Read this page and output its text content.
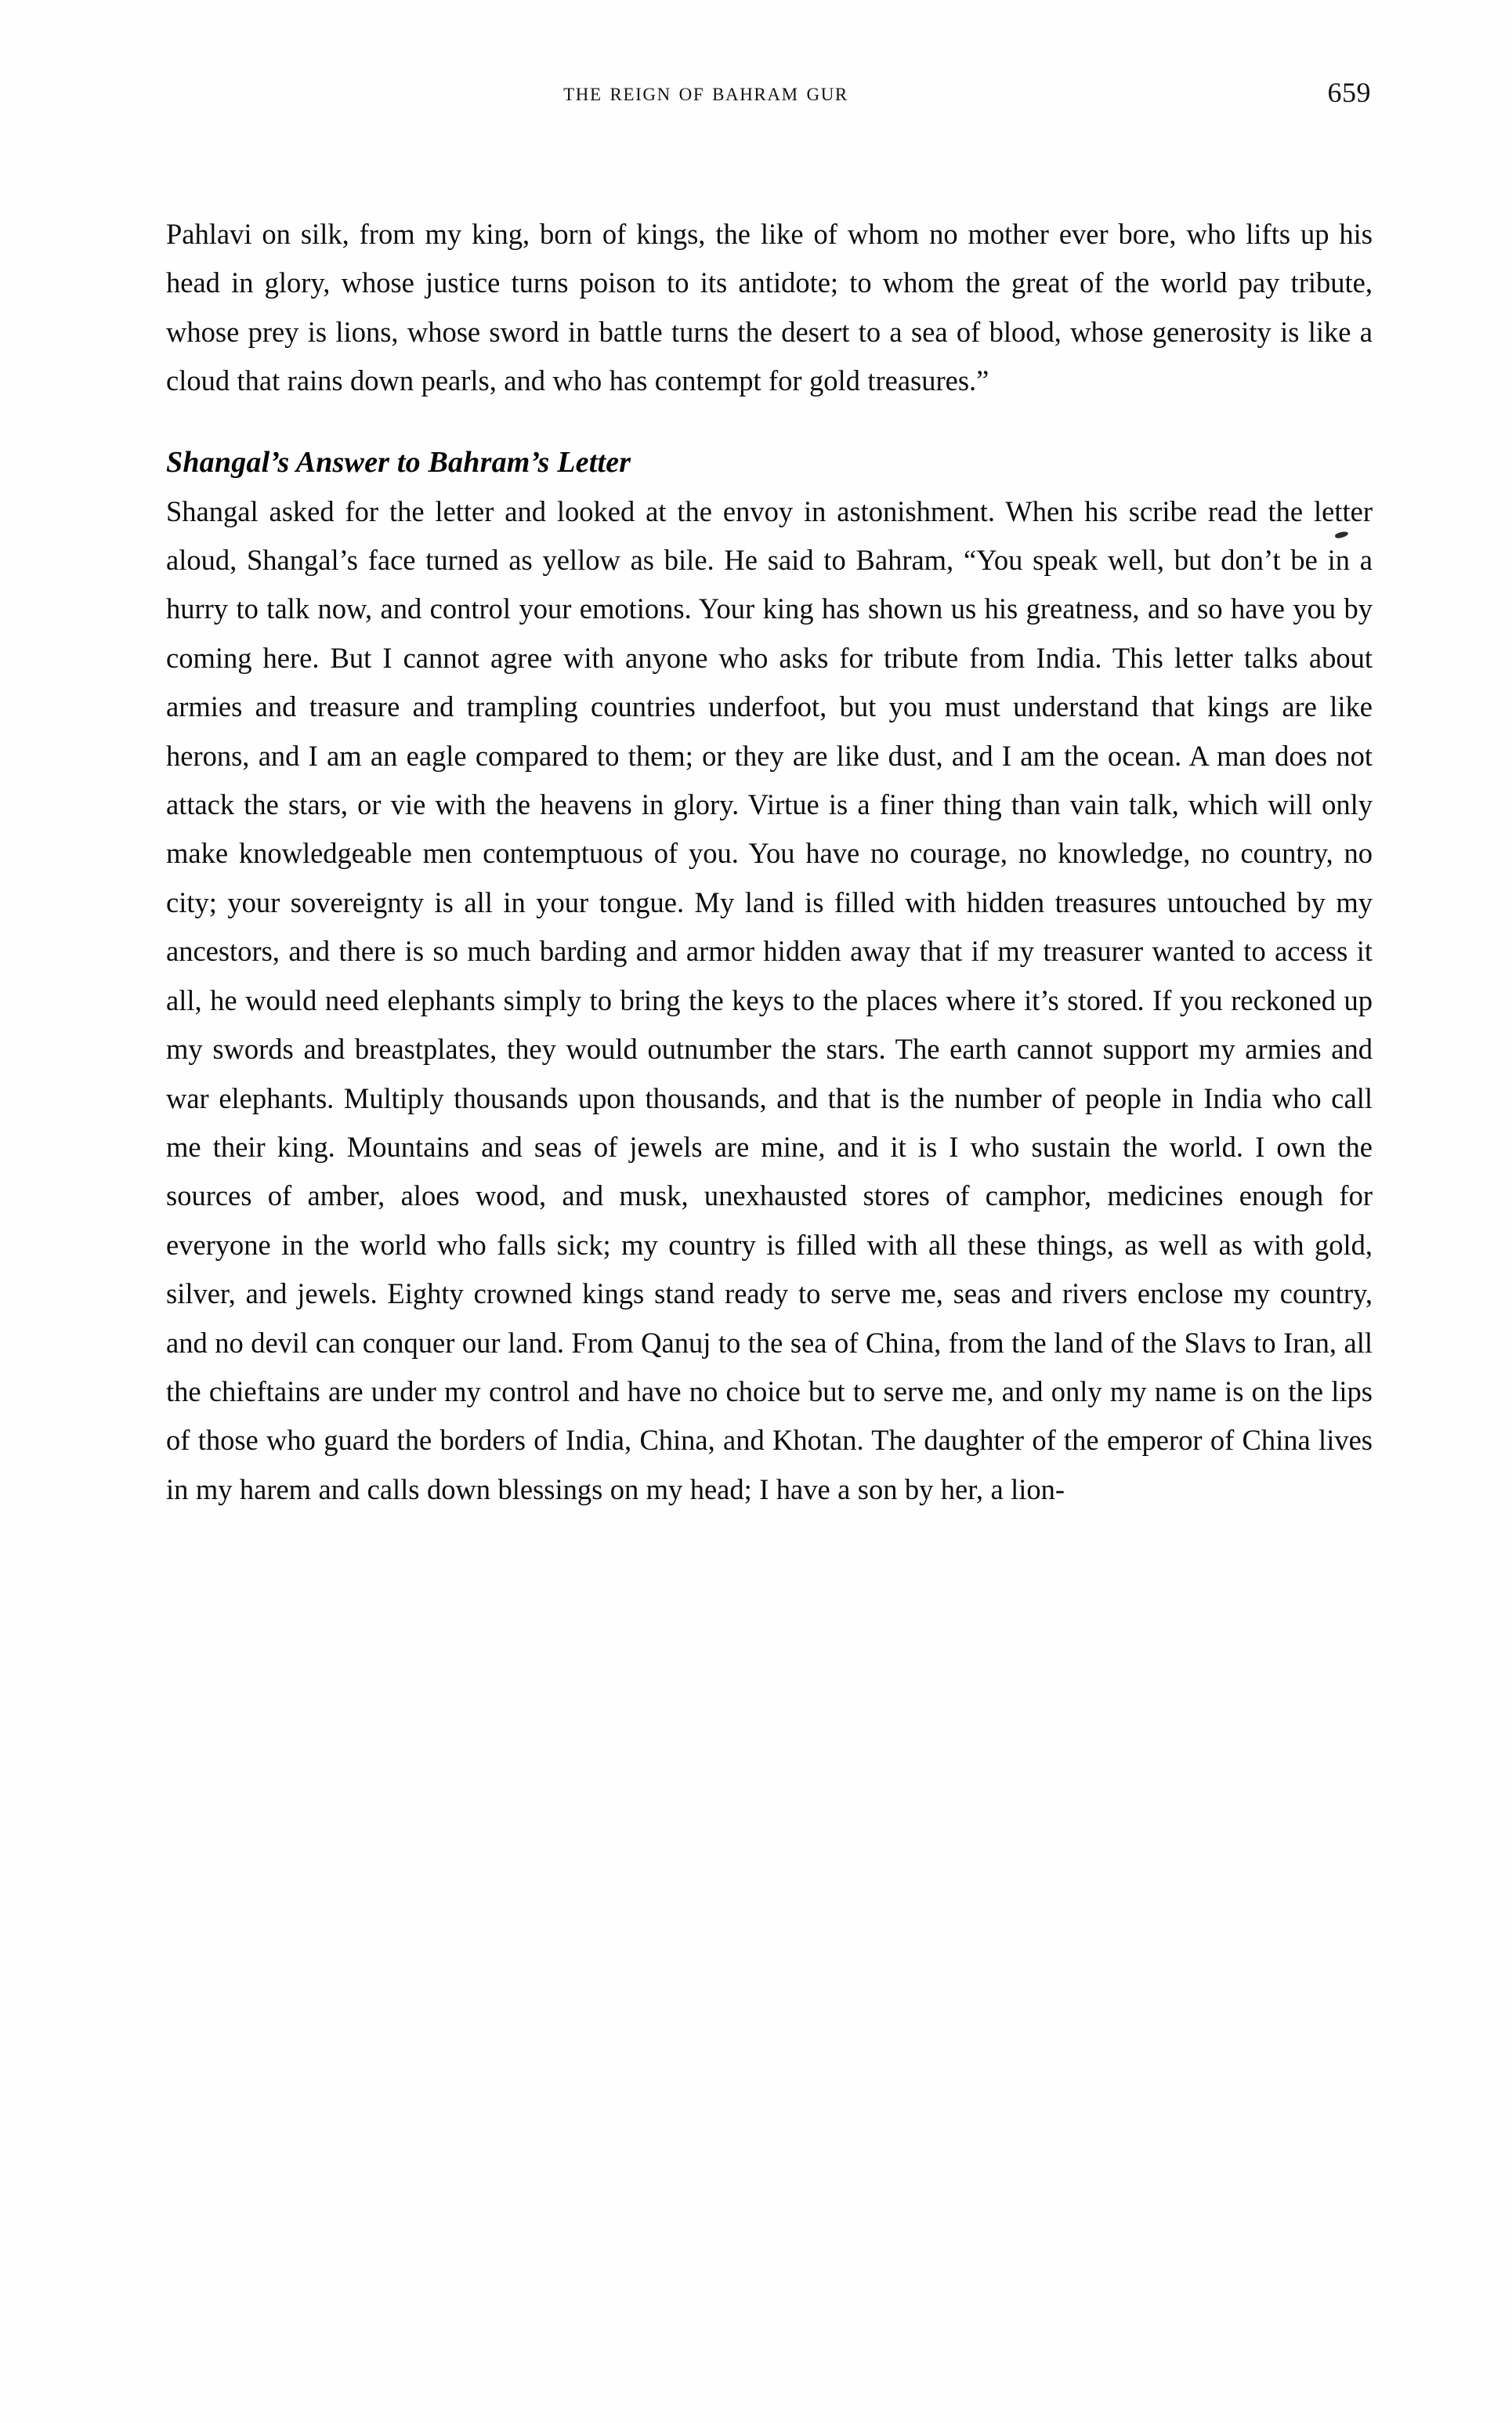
the reign of bahram gur	659

Pahlavi on silk, from my king, born of kings, the like of whom no mother ever bore, who lifts up his head in glory, whose justice turns poison to its antidote; to whom the great of the world pay tribute, whose prey is lions, whose sword in battle turns the desert to a sea of blood, whose generosity is like a cloud that rains down pearls, and who has contempt for gold treasures.”

Shangal’s Answer to Bahram’s Letter

Shangal asked for the letter and looked at the envoy in astonishment. When his scribe read the letter aloud, Shangal’s face turned as yellow as bile. He said to Bahram, “You speak well, but don’t be in a hurry to talk now, and control your emotions. Your king has shown us his greatness, and so have you by coming here. But I cannot agree with anyone who asks for tribute from India. This letter talks about armies and treasure and trampling countries underfoot, but you must understand that kings are like herons, and I am an eagle compared to them; or they are like dust, and I am the ocean. A man does not attack the stars, or vie with the heavens in glory. Virtue is a finer thing than vain talk, which will only make knowledgeable men contemptuous of you. You have no courage, no knowledge, no country, no city; your sovereignty is all in your tongue. My land is filled with hidden treasures untouched by my ancestors, and there is so much barding and armor hidden away that if my treasurer wanted to access it all, he would need elephants simply to bring the keys to the places where it’s stored. If you reckoned up my swords and breastplates, they would outnumber the stars. The earth cannot support my armies and war elephants. Multiply thousands upon thousands, and that is the number of people in India who call me their king. Mountains and seas of jewels are mine, and it is I who sustain the world. I own the sources of amber, aloes wood, and musk, unexhausted stores of camphor, medicines enough for everyone in the world who falls sick; my country is filled with all these things, as well as with gold, silver, and jewels. Eighty crowned kings stand ready to serve me, seas and rivers enclose my country, and no devil can conquer our land. From Qanuj to the sea of China, from the land of the Slavs to Iran, all the chieftains are under my control and have no choice but to serve me, and only my name is on the lips of those who guard the borders of India, China, and Khotan. The daughter of the emperor of China lives in my harem and calls down blessings on my head; I have a son by her, a lion-
